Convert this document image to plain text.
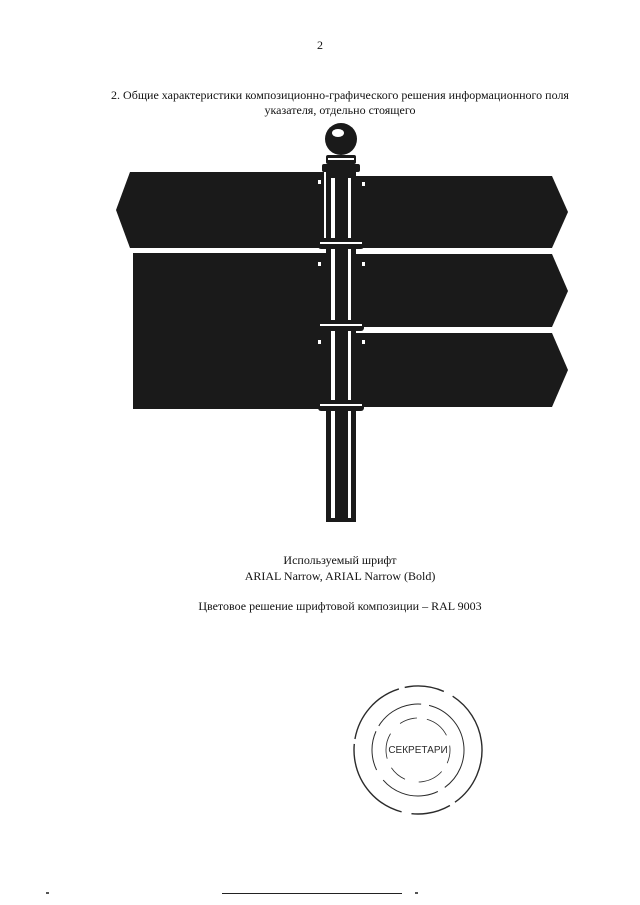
2
2. Общие характеристики композиционно-графического решения информационного поля
указателя, отдельно стоящего
Используемый шрифт
ARIAL Narrow, ARIAL Narrow (Bold)
Цветовое решение шрифтовой композиции – RAL 9003
СЕКРЕТАРИ
